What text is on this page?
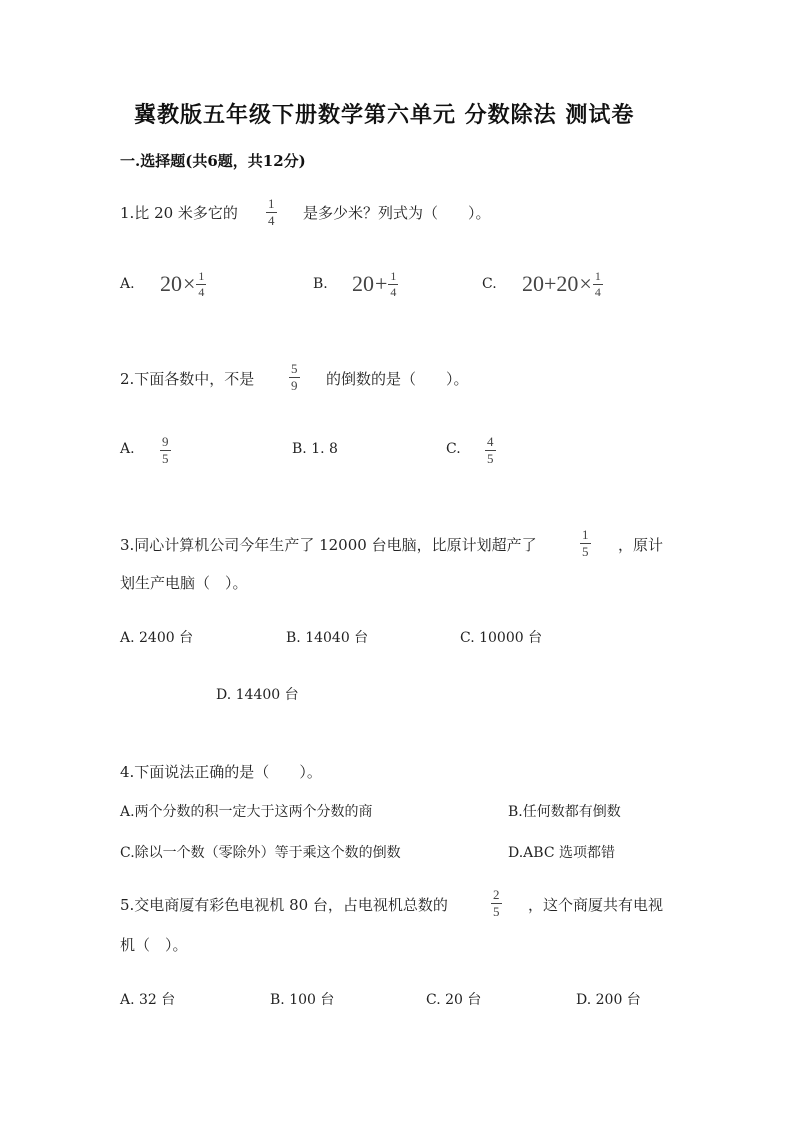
冀教版五年级下册数学第六单元 分数除法 测试卷
一.选择题(共6题，共12分)
1.比 20 米多它的
1
4 是多少米？列式为（　　）。
A. $20 \times \frac{1}{4}$	B. $20 + \frac{1}{4}$	C. $20+20 \times \frac{1}{4}$
2.下面各数中，不是
5
9 的倒数的是（　　）。
A. 9
5
B. 1. 8	C. 4
5
3.同心计算机公司今年生产了 12000 台电脑，比原计划超产了
1
5 ，原计
划生产电脑（　）。
A. 2400 台	B. 14040 台	C. 10000 台
D. 14400 台
4.下面说法正确的是（　　）。
A.两个分数的积一定大于这两个分数的商	B.任何数都有倒数
C.除以一个数（零除外）等于乘这个数的倒数	D.ABC 选项都错
5.交电商厦有彩色电视机 80 台，占电视机总数的
2
5 ，这个商厦共有电视
机（　）。
A. 32 台	B. 100 台	C. 20 台	D. 200 台
